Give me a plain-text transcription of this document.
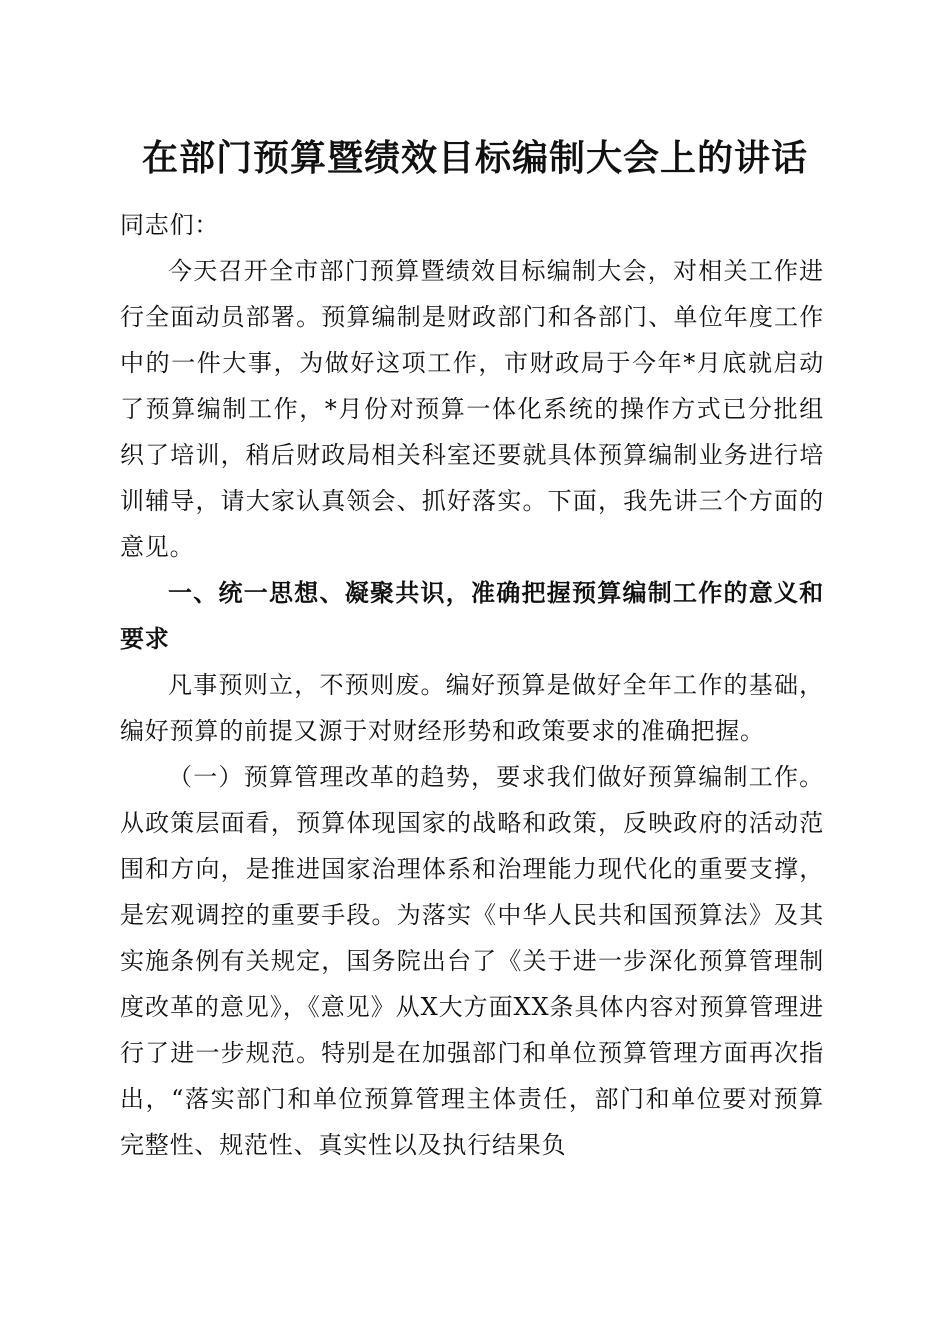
在部门预算暨绩效目标编制大会上的讲话

同志们：

今天召开全市部门预算暨绩效目标编制大会，对相关工作进行全面动员部署。预算编制是财政部门和各部门、单位年度工作中的一件大事，为做好这项工作，市财政局于今年*月底就启动了预算编制工作，*月份对预算一体化系统的操作方式已分批组织了培训，稍后财政局相关科室还要就具体预算编制业务进行培训辅导，请大家认真领会、抓好落实。下面，我先讲三个方面的意见。

一、统一思想、凝聚共识，准确把握预算编制工作的意义和要求

凡事预则立，不预则废。编好预算是做好全年工作的基础，编好预算的前提又源于对财经形势和政策要求的准确把握。

（一）预算管理改革的趋势，要求我们做好预算编制工作。从政策层面看，预算体现国家的战略和政策，反映政府的活动范围和方向，是推进国家治理体系和治理能力现代化的重要支撑，是宏观调控的重要手段。为落实《中华人民共和国预算法》及其实施条例有关规定，国务院出台了《关于进一步深化预算管理制度改革的意见》，《意见》从X大方面XX条具体内容对预算管理进行了进一步规范。特别是在加强部门和单位预算管理方面再次指出，“落实部门和单位预算管理主体责任，部门和单位要对预算完整性、规范性、真实性以及执行结果负
